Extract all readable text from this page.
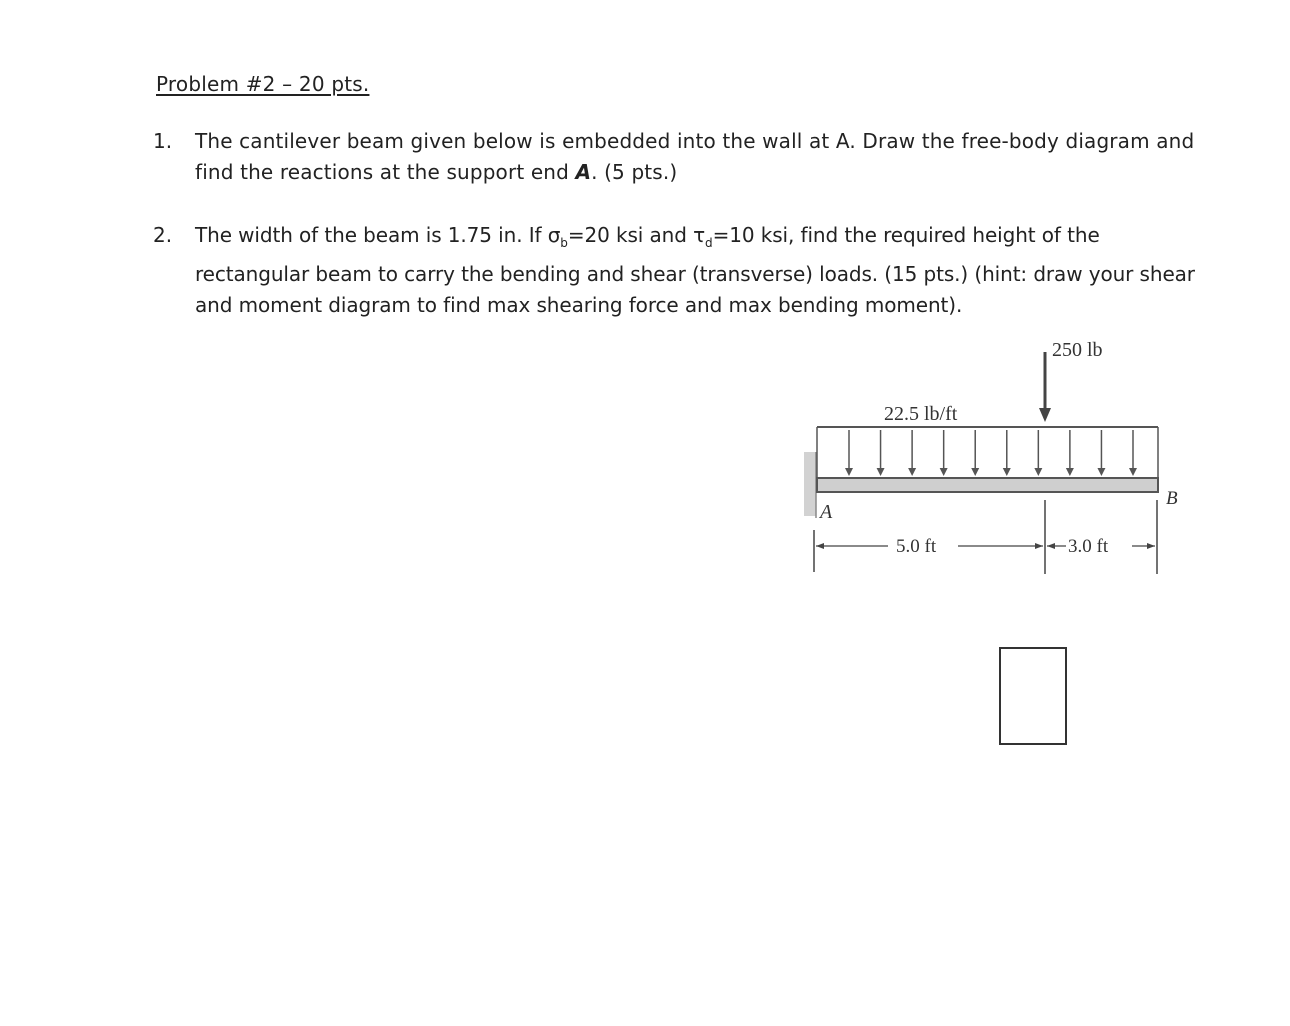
Problem #2 – 20 pts.
1.	The cantilever beam given below is embedded into the wall at A. Draw the free-body diagram and find the reactions at the support end A. (5 pts.)
2.	The width of the beam is 1.75 in. If $\sigma_b=20$ ksi and $\tau_d=10$ ksi, find the required height of the rectangular beam to carry the bending and shear (transverse) loads. (15 pts.) (hint: draw your shear and moment diagram to find max shearing force and max bending moment).
250 lb
22.5 lb/ft
A
B
5.0 ft	3.0 ft
